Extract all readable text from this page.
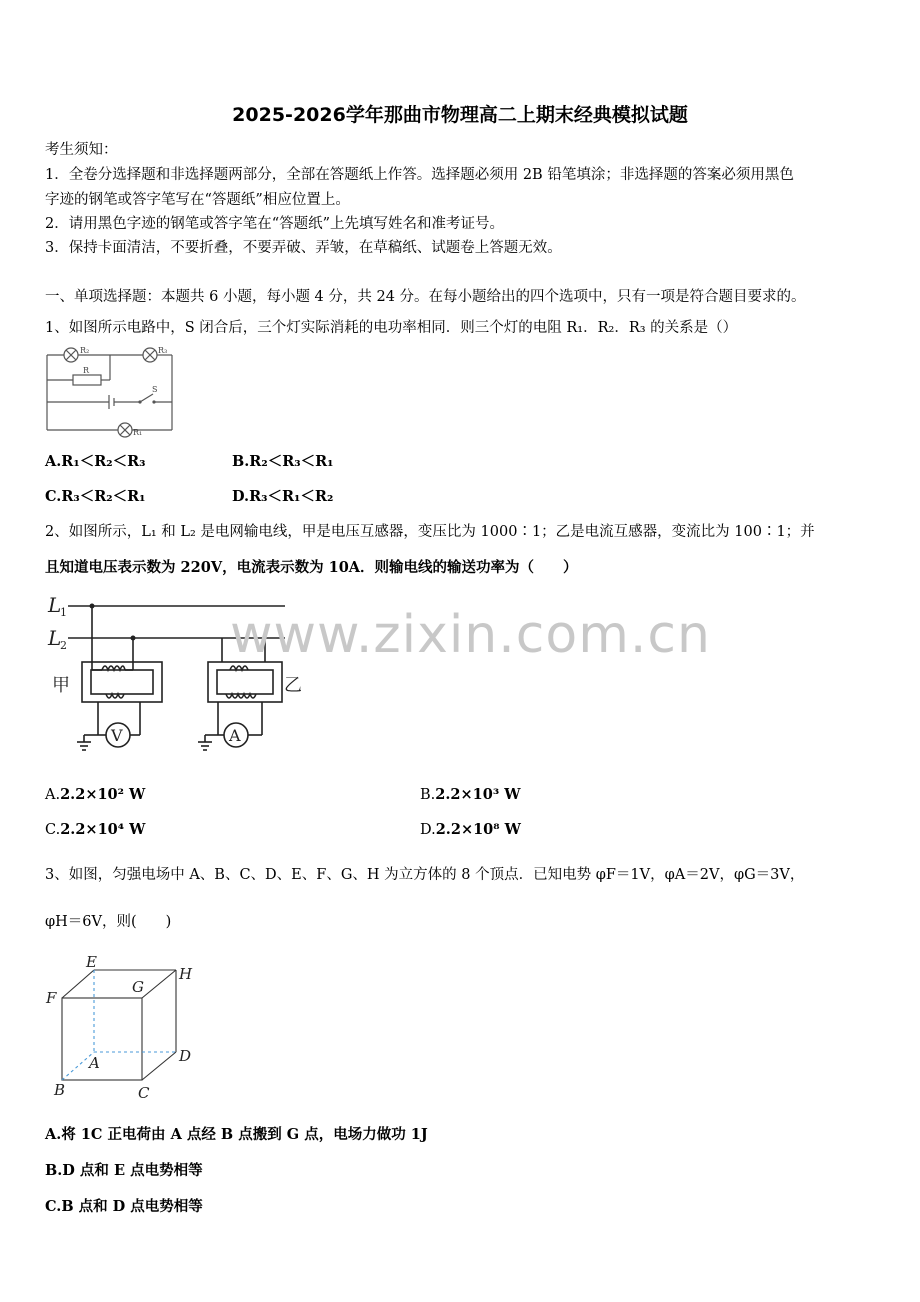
2025-2026学年那曲市物理高二上期末经典模拟试题
考生须知：
1．全卷分选择题和非选择题两部分，全部在答题纸上作答。选择题必须用 2B 铅笔填涂；非选择题的答案必须用黑色
字迹的钢笔或答字笔写在“答题纸”相应位置上。
2．请用黑色字迹的钢笔或答字笔在“答题纸”上先填写姓名和准考证号。
3．保持卡面清洁，不要折叠，不要弄破、弄皱，在草稿纸、试题卷上答题无效。
一、单项选择题：本题共 6 小题，每小题 4 分，共 24 分。在每小题给出的四个选项中，只有一项是符合题目要求的。
1、如图所示电路中，S 闭合后，三个灯实际消耗的电功率相同．则三个灯的电阻 R₁．R₂．R₃ 的关系是（）
R₂	R₃
R
S
R₁
A.R₁＜R₂＜R₃	B.R₂＜R₃＜R₁
C.R₃＜R₂＜R₁	D.R₃＜R₁＜R₂
2、如图所示，L₁ 和 L₂ 是电网输电线，甲是电压互感器，变压比为 1000∶1；乙是电流互感器，变流比为 100∶1；并
且知道电压表示数为 220V，电流表示数为 10A．则输电线的输送功率为（　　）
L
1
L
2
甲	乙
V	A
www.zixin.com.cn
A.2.2×10² W	B.2.2×10³ W
C.2.2×10⁴ W	D.2.2×10⁸ W
3、如图，匀强电场中 A、B、C、D、E、F、G、H 为立方体的 8 个顶点．已知电势 φF＝1V，φA＝2V，φG＝3V，
φH＝6V，则(　　)
E
H
F
G
A	D
B	C
A.将 1C 正电荷由 A 点经 B 点搬到 G 点，电场力做功 1J
B.D 点和 E 点电势相等
C.B 点和 D 点电势相等
